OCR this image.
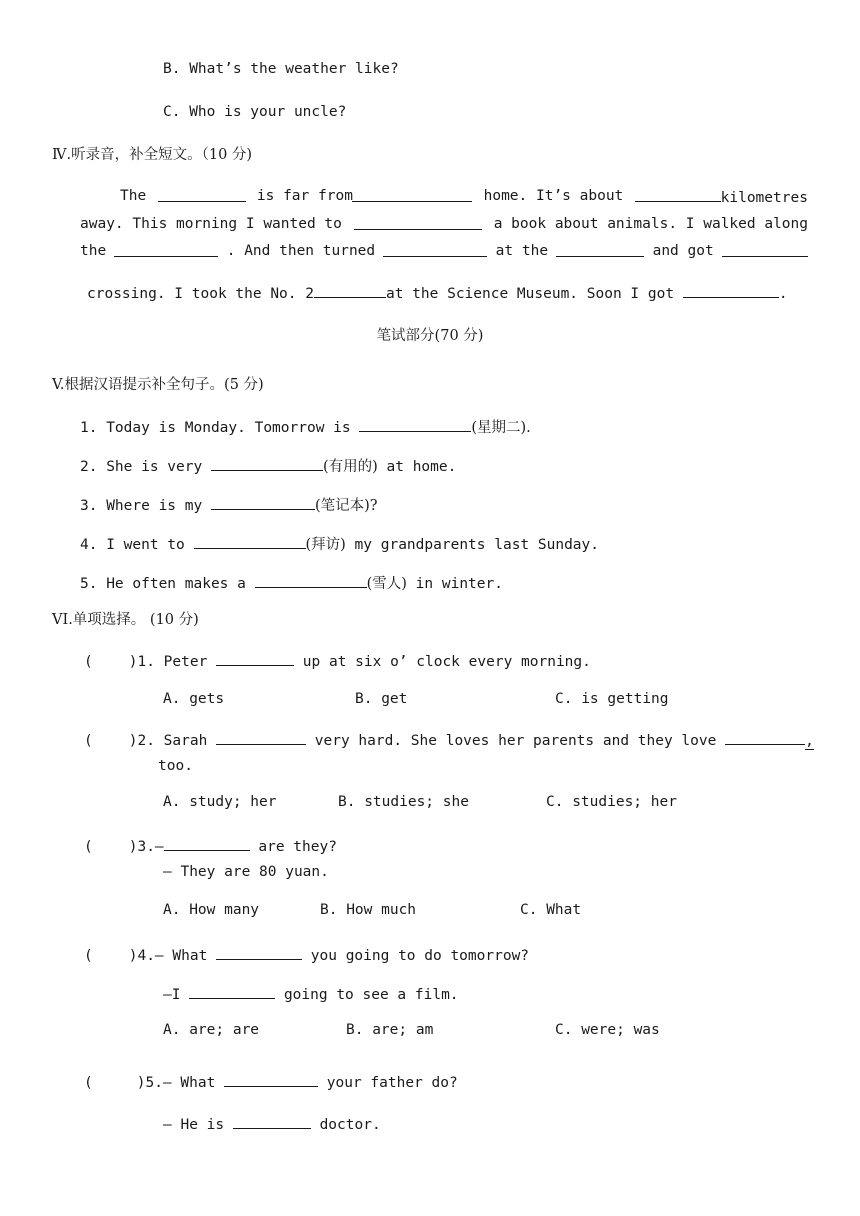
B. What’s the weather like?
C. Who is your uncle?
Ⅳ.听录音，补全短文。（10 分)
The	is far from	home. It’s about	kilometres
away. This morning I wanted to	a book about animals. I walked along
the	. And then turned	at the	and got
crossing. I took the No. 2	at the Science Museum. Soon I got	.
笔试部分(70 分)
V.根据汉语提示补全句子。(5 分)
1. Today is Monday. Tomorrow is	(星期二).
2. She is very	(有用的) at home.
3. Where is my	(笔记本)?
4. I went to	(拜访) my grandparents last Sunday.
5. He often makes a	(雪人) in winter.
VI.单项选择。 (10 分)
( )1. Peter	up at six o’ clock every morning.
A. gets	B. get	C. is getting
( )2. Sarah	very hard. She loves her parents and they love	,
too.
A. study; her	B. studies; she	C. studies; her
( )3.—	are they?
— They are 80 yuan.
A. How many	B. How much	C. What
( )4.— What	you going to do tomorrow?
—I	going to see a film.
A. are; are	B. are; am	C. were; was
(	)5.— What	your father do?
— He is	doctor.
